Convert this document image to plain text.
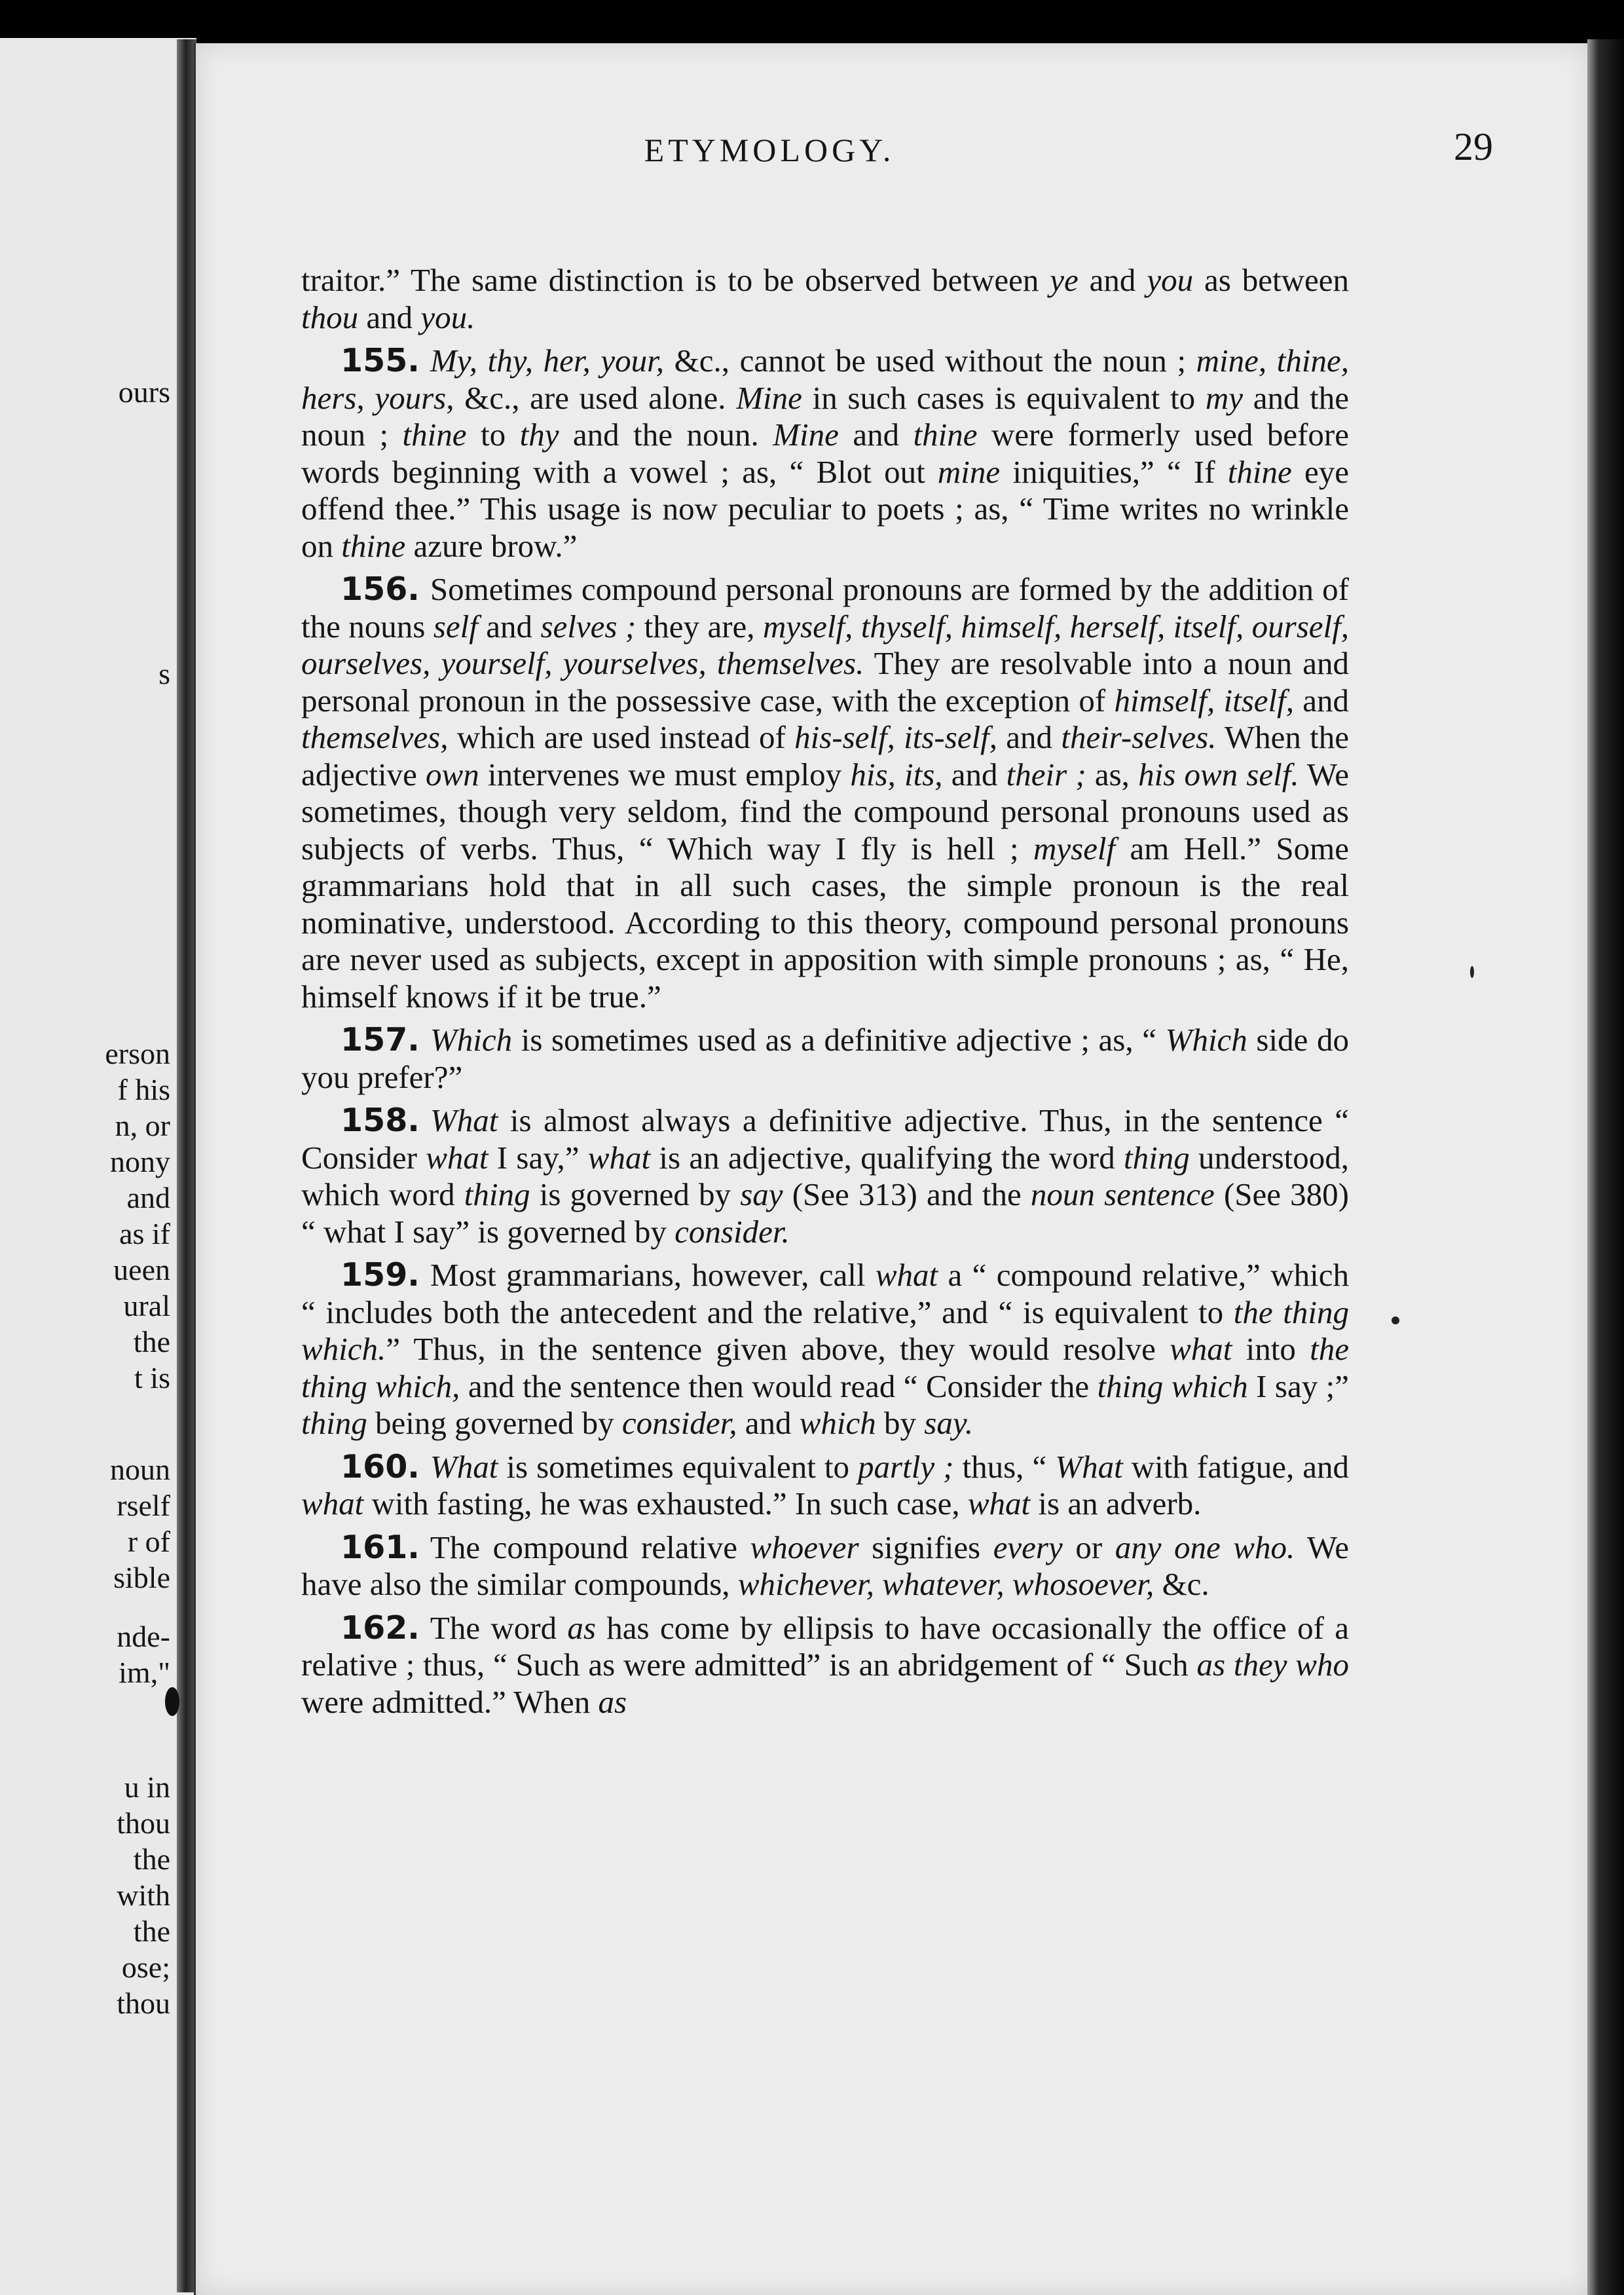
ours
s
erson
f his
n, or
nony
and
as if
ueen
ural
the
t is
noun
rself
r of
sible
nde-
im,"
u in
thou
the
with
the
ose;
thou
ETYMOLOGY.	29

traitor.” The same distinction is to be observed between ye and you as between thou and you.

155. My, thy, her, your, &c., cannot be used without the noun ; mine, thine, hers, yours, &c., are used alone. Mine in such cases is equivalent to my and the noun ; thine to thy and the noun. Mine and thine were formerly used before words beginning with a vowel ; as, “ Blot out mine iniquities,” “ If thine eye offend thee.” This usage is now peculiar to poets ; as, “ Time writes no wrinkle on thine azure brow.”

156. Sometimes compound personal pronouns are formed by the addition of the nouns self and selves ; they are, myself, thyself, himself, herself, itself, ourself, ourselves, yourself, yourselves, themselves. They are resolvable into a noun and personal pronoun in the possessive case, with the exception of himself, itself, and themselves, which are used instead of his-self, its-self, and their-selves. When the adjective own intervenes we must employ his, its, and their ; as, his own self. We sometimes, though very seldom, find the compound personal pronouns used as subjects of verbs. Thus, “ Which way I fly is hell ; myself am Hell.” Some grammarians hold that in all such cases, the simple pronoun is the real nominative, understood. According to this theory, compound personal pronouns are never used as subjects, except in apposition with simple pronouns ; as, “ He, himself knows if it be true.”

157. Which is sometimes used as a definitive adjective ; as, “ Which side do you prefer?”

158. What is almost always a definitive adjective. Thus, in the sentence “ Consider what I say,” what is an adjective, qualifying the word thing understood, which word thing is governed by say (See 313) and the noun sentence (See 380) “ what I say” is governed by consider.

159. Most grammarians, however, call what a “ compound relative,” which “ includes both the antecedent and the relative,” and “ is equivalent to the thing which.” Thus, in the sentence given above, they would resolve what into the thing which, and the sentence then would read “ Consider the thing which I say ;” thing being governed by consider, and which by say.

160. What is sometimes equivalent to partly ; thus, “ What with fatigue, and what with fasting, he was exhausted.” In such case, what is an adverb.

161. The compound relative whoever signifies every or any one who. We have also the similar compounds, whichever, whatever, whosoever, &c.

162. The word as has come by ellipsis to have occasionally the office of a relative ; thus, “ Such as were admitted” is an abridgement of “ Such as they who were admitted.” When as
